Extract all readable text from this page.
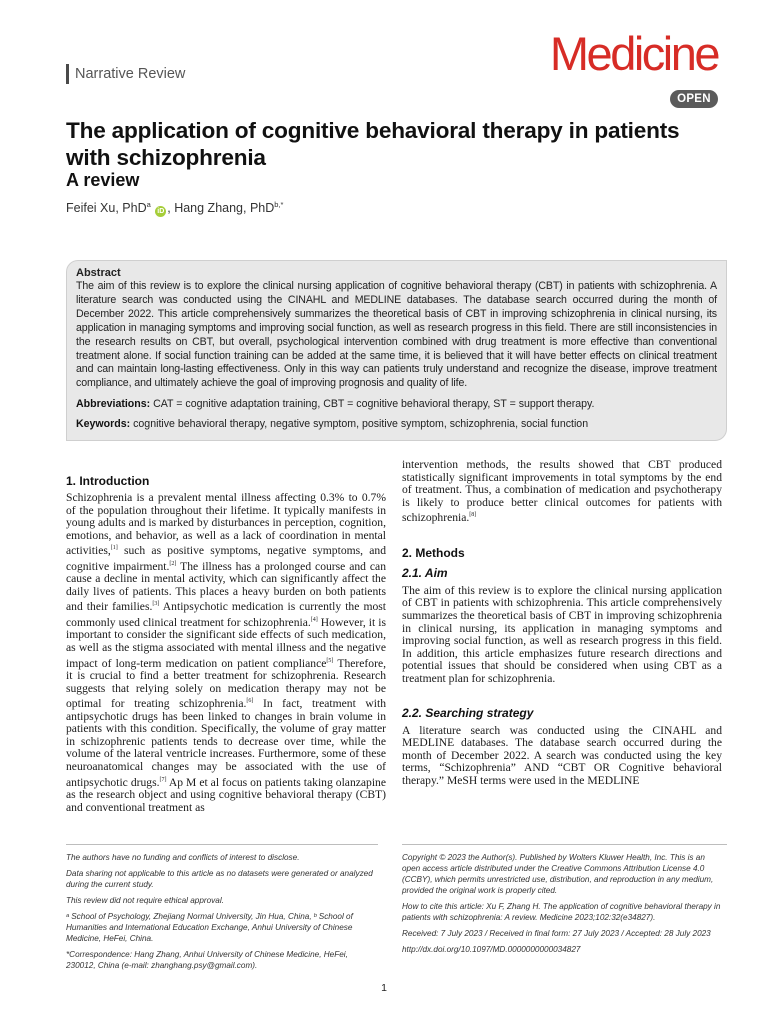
Narrative Review	Medicine
OPEN
The application of cognitive behavioral therapy in patients with schizophrenia
A review
Feifei Xu, PhD$^a$ iD , Hang Zhang, PhD$^{b,*}$
Abstract
The aim of this review is to explore the clinical nursing application of cognitive behavioral therapy (CBT) in patients with schizophrenia. A literature search was conducted using the CINAHL and MEDLINE databases. The database search occurred during the month of December 2022. This article comprehensively summarizes the theoretical basis of CBT in improving schizophrenia in clinical nursing, its application in managing symptoms and improving social function, as well as research progress in this field. There are still inconsistencies in the research results on CBT, but overall, psychological intervention combined with drug treatment is more effective than conventional treatment alone. If social function training can be added at the same time, it is believed that it will have better effects on clinical treatment and can maintain long-lasting effectiveness. Only in this way can patients truly understand and recognize the disease, improve treatment compliance, and ultimately achieve the goal of improving prognosis and quality of life.
Abbreviations: CAT = cognitive adaptation training, CBT = cognitive behavioral therapy, ST = support therapy.
Keywords: cognitive behavioral therapy, negative symptom, positive symptom, schizophrenia, social function
1. Introduction

Schizophrenia is a prevalent mental illness affecting 0.3% to 0.7% of the population throughout their lifetime. It typically manifests in young adults and is marked by disturbances in perception, cognition, emotions, and behavior, as well as a lack of coordination in mental activities,[1] such as positive symptoms, negative symptoms, and cognitive impairment.[2] The illness has a prolonged course and can cause a decline in mental activity, which can significantly affect the daily lives of patients. This places a heavy burden on both patients and their families.[3] Antipsychotic medication is currently the most commonly used clinical treatment for schizophrenia.[4] However, it is important to consider the significant side effects of such medication, as well as the stigma associated with mental illness and the negative impact of long-term medication on patient compliance[5] Therefore, it is crucial to find a better treatment for schizophrenia. Research suggests that relying solely on medication therapy may not be optimal for treating schizophrenia.[6] In fact, treatment with antipsychotic drugs has been linked to changes in brain volume in patients with this condition. Specifically, the volume of gray matter in schizophrenic patients tends to decrease over time, while the volume of the lateral ventricle increases. Furthermore, some of these neuroanatomical changes may be associated with the use of antipsychotic drugs.[7] Ap M et al focus on patients taking olanzapine as the research object and using cognitive behavioral therapy (CBT) and conventional treatment as

intervention methods, the results showed that CBT produced statistically significant improvements in total symptoms by the end of treatment. Thus, a combination of medication and psychotherapy is likely to produce better clinical outcomes for patients with schizophrenia.[8]

2. Methods
2.1. Aim

The aim of this review is to explore the clinical nursing application of CBT in patients with schizophrenia. This article comprehensively summarizes the theoretical basis of CBT in improving schizophrenia in clinical nursing, its application in managing symptoms and improving social function, as well as research progress in this field. In addition, this article emphasizes future research directions and potential issues that should be considered when using CBT as a treatment plan for schizophrenia.

2.2. Searching strategy

A literature search was conducted using the CINAHL and MEDLINE databases. The database search occurred during the month of December 2022. A search was conducted using the key terms, “Schizophrenia” AND “CBT OR Cognitive behavioral therapy.” MeSH terms were used in the MEDLINE

The authors have no funding and conflicts of interest to disclose.

Data sharing not applicable to this article as no datasets were generated or analyzed during the current study.

This review did not require ethical approval.

ᵃ School of Psychology, Zhejiang Normal University, Jin Hua, China, ᵇ School of Humanities and International Education Exchange, Anhui University of Chinese Medicine, HeFei, China.

*Correspondence: Hang Zhang, Anhui University of Chinese Medicine, HeFei, 230012, China (e-mail: zhanghang.psy@gmail.com).

Copyright © 2023 the Author(s). Published by Wolters Kluwer Health, Inc. This is an open access article distributed under the Creative Commons Attribution License 4.0 (CCBY), which permits unrestricted use, distribution, and reproduction in any medium, provided the original work is properly cited.

How to cite this article: Xu F, Zhang H. The application of cognitive behavioral therapy in patients with schizophrenia: A review. Medicine 2023;102:32(e34827).

Received: 7 July 2023 / Received in final form: 27 July 2023 / Accepted: 28 July 2023

http://dx.doi.org/10.1097/MD.0000000000034827

1
